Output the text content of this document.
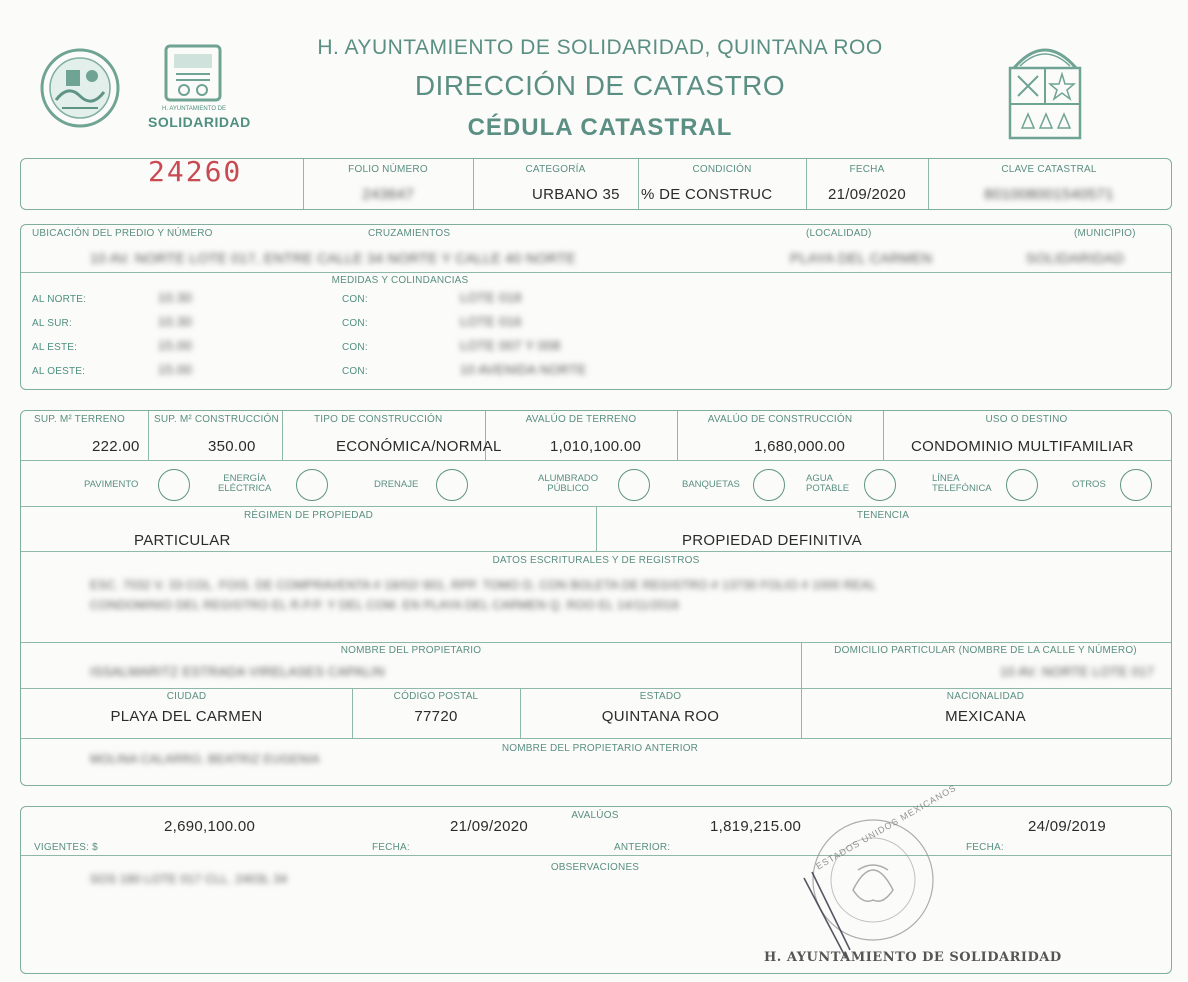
H. AYUNTAMIENTO DE
SOLIDARIDAD
H. AYUNTAMIENTO DE SOLIDARIDAD, QUINTANA ROO
DIRECCIÓN DE CATASTRO
CÉDULA CATASTRAL
24260	FOLIO NÚMERO
243647
CATEGORÍA
URBANO 35
CONDICIÓN
% DE CONSTRUC
FECHA
21/09/2020
CLAVE CATASTRAL
801008001540571
UBICACIÓN DEL PREDIO Y NÚMERO	CRUZAMIENTOS	(LOCALIDAD)	(MUNICIPIO)
10 AV. NORTE LOTE 017, ENTRE CALLE 34 NORTE Y CALLE 40 NORTE	PLAYA DEL CARMEN	SOLIDARIDAD
MEDIDAS Y COLINDANCIAS
AL NORTE:	10.30	CON:	LOTE 018
AL SUR:	10.30	CON:	LOTE 016
AL ESTE:	15.00	CON:	LOTE 007 Y 008
AL OESTE:	15.00	CON:	10 AVENIDA NORTE
SUP. M² TERRENO
222.00
SUP. M² CONSTRUCCIÓN
350.00
TIPO DE CONSTRUCCIÓN
ECONÓMICA/NORMAL
AVALÚO DE TERRENO
1,010,100.00
AVALÚO DE CONSTRUCCIÓN
1,680,000.00
USO O DESTINO
CONDOMINIO MULTIFAMILIAR
PAVIMENTO
ENERGÍA
ELÉCTRICA	DRENAJE
ALUMBRADO
PÚBLICO	BANQUETAS
AGUA
POTABLE
LÍNEA
TELEFÓNICA	OTROS
RÉGIMEN DE PROPIEDAD
PARTICULAR
TENENCIA
PROPIEDAD DEFINITIVA
DATOS ESCRITURALES Y DE REGISTROS
ESC. 7032 V. 33 COL. FOIS. DE COMPRAVENTA # 18/02/ 601, RPP. TOMO D, CON BOLETA DE REGISTRO # 13730 FOLIO # 1000 REAL
CONDOMINIO DEL REGISTRO EL R.P.P. Y DEL COM. EN PLAYA DEL CARMEN Q. ROO EL 14/11/2016
NOMBRE DEL PROPIETARIO
ISSALMARITZ ESTRADA VIRELASES CAPALIN
DOMICILIO PARTICULAR (NOMBRE DE LA CALLE Y NÚMERO)
10 AV. NORTE LOTE 017
CIUDAD
PLAYA DEL CARMEN
CÓDIGO POSTAL
77720
ESTADO
QUINTANA ROO
NACIONALIDAD
MEXICANA
NOMBRE DEL PROPIETARIO ANTERIOR
MOLINA CALARRO, BEATRIZ EUGENIA
AVALÚOS
2,690,100.00
VIGENTES: $
21/09/2020
FECHA:
1,819,215.00
ANTERIOR:
24/09/2019
FECHA:
OBSERVACIONES
SOS 180 LOTE 017 CLL. 2403L 34
ESTADOS UNIDOS MEXICANOS
H. AYUNTAMIENTO DE SOLIDARIDAD
